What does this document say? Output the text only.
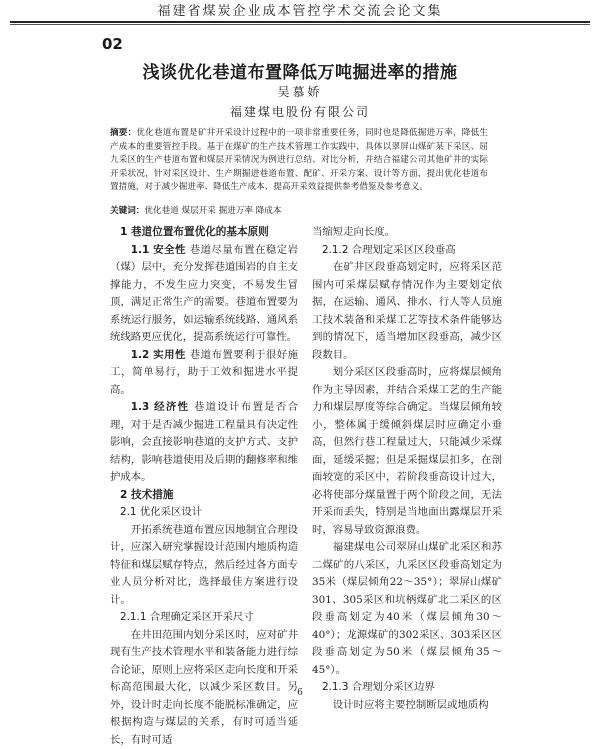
福建省煤炭企业成本管控学术交流会论文集
02
浅谈优化巷道布置降低万吨掘进率的措施
吴慕娇
福建煤电股份有限公司
摘要：优化巷道布置是矿井开采设计过程中的一项非常重要任务，同时也是降低掘进万率，降低生产成本的重要管控手段。基于在煤矿的生产技术管理工作实践中，具体以翠屏山煤矿某下采区、屈九采区的生产巷道布置和煤层开采情况为例进行总结、对比分析，并结合福建公司其他矿井的实际开采状况，针对采区设计、生产期掘进巷道布置、配矿、开采方案、设计等方面，提出优化巷道布置措施，对于减少掘进率、降低生产成本、提高开采效益提供参考借鉴及参考意义。
关键词：优化巷道 煤层开采 掘进万率 降成本

1 巷道位置布置优化的基本原则

1.1 安全性 巷道尽量布置在稳定岩（煤）层中，充分发挥巷道围岩的自主支撑能力，不发生应力突变，不易发生冒顶，满足正常生产的需要。巷道布置要为系统运行服务，如运输系统线路、通风系统线路更应优化，提高系统运行可靠性。

1.2 实用性 巷道布置要利于很好施工，简单易行，助于工效和掘进水平提高。

1.3 经济性 巷道设计布置是否合理，对于是否减少掘进工程量具有决定性影响，会直接影响巷道的支护方式、支护结构，影响巷道使用及后期的翻修率和维护成本。

2 技术措施

2.1 优化采区设计

开拓系统巷道布置应因地制宜合理设计，应深入研究掌握设计范围内地质构造特征和煤层赋存特点，然后经过各方面专业人员分析对比，选择最佳方案进行设计。

2.1.1 合理确定采区开采尺寸

在井田范围内划分采区时，应对矿井现有生产技术管理水平和装备能力进行综合论证，原则上应将采区走向长度和开采标高范围最大化，以减少采区数目。另外，设计时走向长度不能脱标准确定，应根据构造与煤层的关系，有时可适当延长，有时可适

当缩短走向长度。

2.1.2 合理划定采区区段垂高

在矿井区段垂高划定时，应将采区范围内可采煤层赋存情况作为主要划定依据，在运输、通风、排水、行人等人员施工技术装备和采煤工艺等技术条件能够达到的情况下，适当增加区段垂高，减少区段数目。

划分采区区段垂高时，应将煤层倾角作为主导因素，并结合采煤工艺的生产能力和煤层厚度等综合确定。当煤层倾角较小，整体属于缓倾斜煤层时应确定小垂高，但然行巷工程量过大，只能减少采煤面，延缓采掘；但是采掘煤层扣多，在剖面较宽的采区中，若阶段垂高设计过大，必将使部分煤量置于两个阶段之间，无法开采而丢失，特别是当地面出露煤层开采时，容易导致资源浪费。

福建煤电公司翠屏山煤矿北采区和苏二煤矿的八采区，九采区区段垂高划定为35米（煤层倾角22～35°）；翠屏山煤矿301、305采区和坑柄煤矿北二采区的区段垂高划定为40米（煤层倾角30～40°）；龙源煤矿的302采区、303采区区段垂高划定为50米（煤层倾角35～45°）。

2.1.3 合理划分采区边界

设计时应将主要控制断层或地质构

6
